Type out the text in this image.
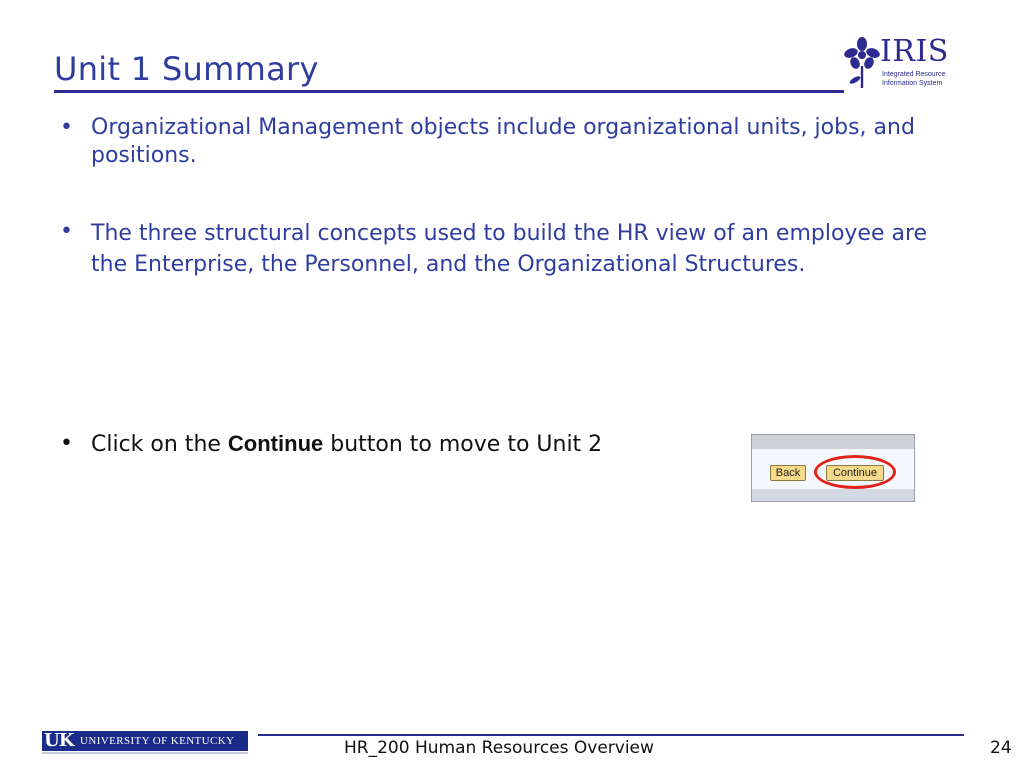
Unit 1 Summary	IRIS
Integrated Resource
Information System
• Organizational Management objects include organizational units, jobs, and positions.
• The three structural concepts used to build the HR view of an employee are the Enterprise, the Personnel, and the Organizational Structures.
• Click on the Continue button to move to Unit 2
Back	Continue
UK UNIVERSITY OF KENTUCKY	HR_200 Human Resources Overview	24
